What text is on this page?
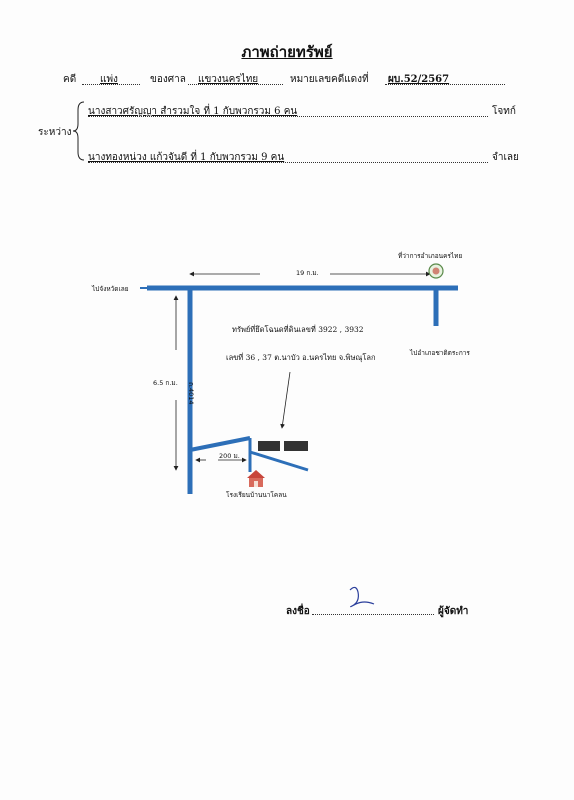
ภาพถ่ายทรัพย์
คดี แพ่ง	ของศาล แขวงนครไทย	หมายเลขคดีแดงที่ ผบ.52/2567
ระหว่าง
นางสาวศรัญญา สำรวมใจ ที่ 1 กับพวกรวม 6 คน	โจทก์
นางทองหน่วง แก้วจันดี ที่ 1 กับพวกรวม 9 คน	จำเลย
ที่ว่าการอำเภอนครไทย
19 ก.ม.
ไปจังหวัดเลย
ไปอำเภอชาติตระการ
ทรัพย์ที่ยึดโฉนดที่ดินเลขที่ 3922 , 3932
เลขที่ 36 , 37 ต.นาบัว อ.นครไทย จ.พิษณุโลก
6.5 ก.ม. ถ.4014
200 ม.
โรงเรียนบ้านนาโคลน
ลงชื่อ	ผู้จัดทำ
